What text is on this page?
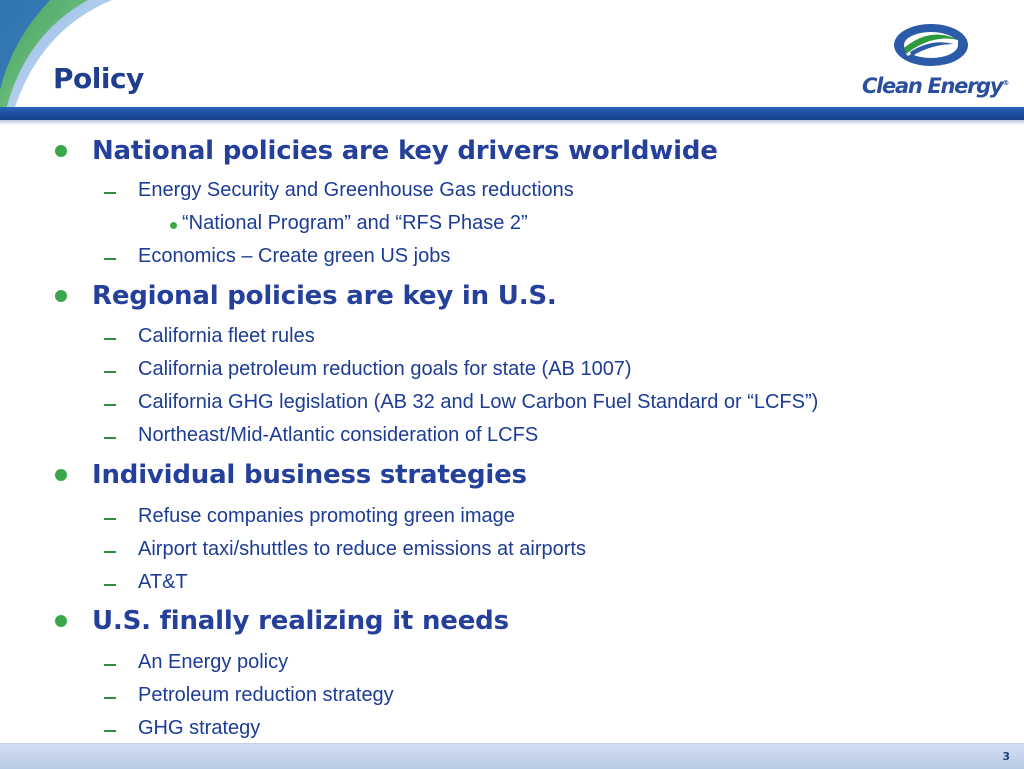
Policy	Clean Energy®
National policies are key drivers worldwide
Energy Security and Greenhouse Gas reductions
“National Program” and “RFS Phase 2”
Economics – Create green US jobs
Regional policies are key in U.S.
California fleet rules
California petroleum reduction goals for state (AB 1007)
California GHG legislation (AB 32 and Low Carbon Fuel Standard or “LCFS”)
Northeast/Mid-Atlantic consideration of LCFS
Individual business strategies
Refuse companies promoting green image
Airport taxi/shuttles to reduce emissions at airports
AT&T
U.S. finally realizing it needs
An Energy policy
Petroleum reduction strategy
GHG strategy
3
